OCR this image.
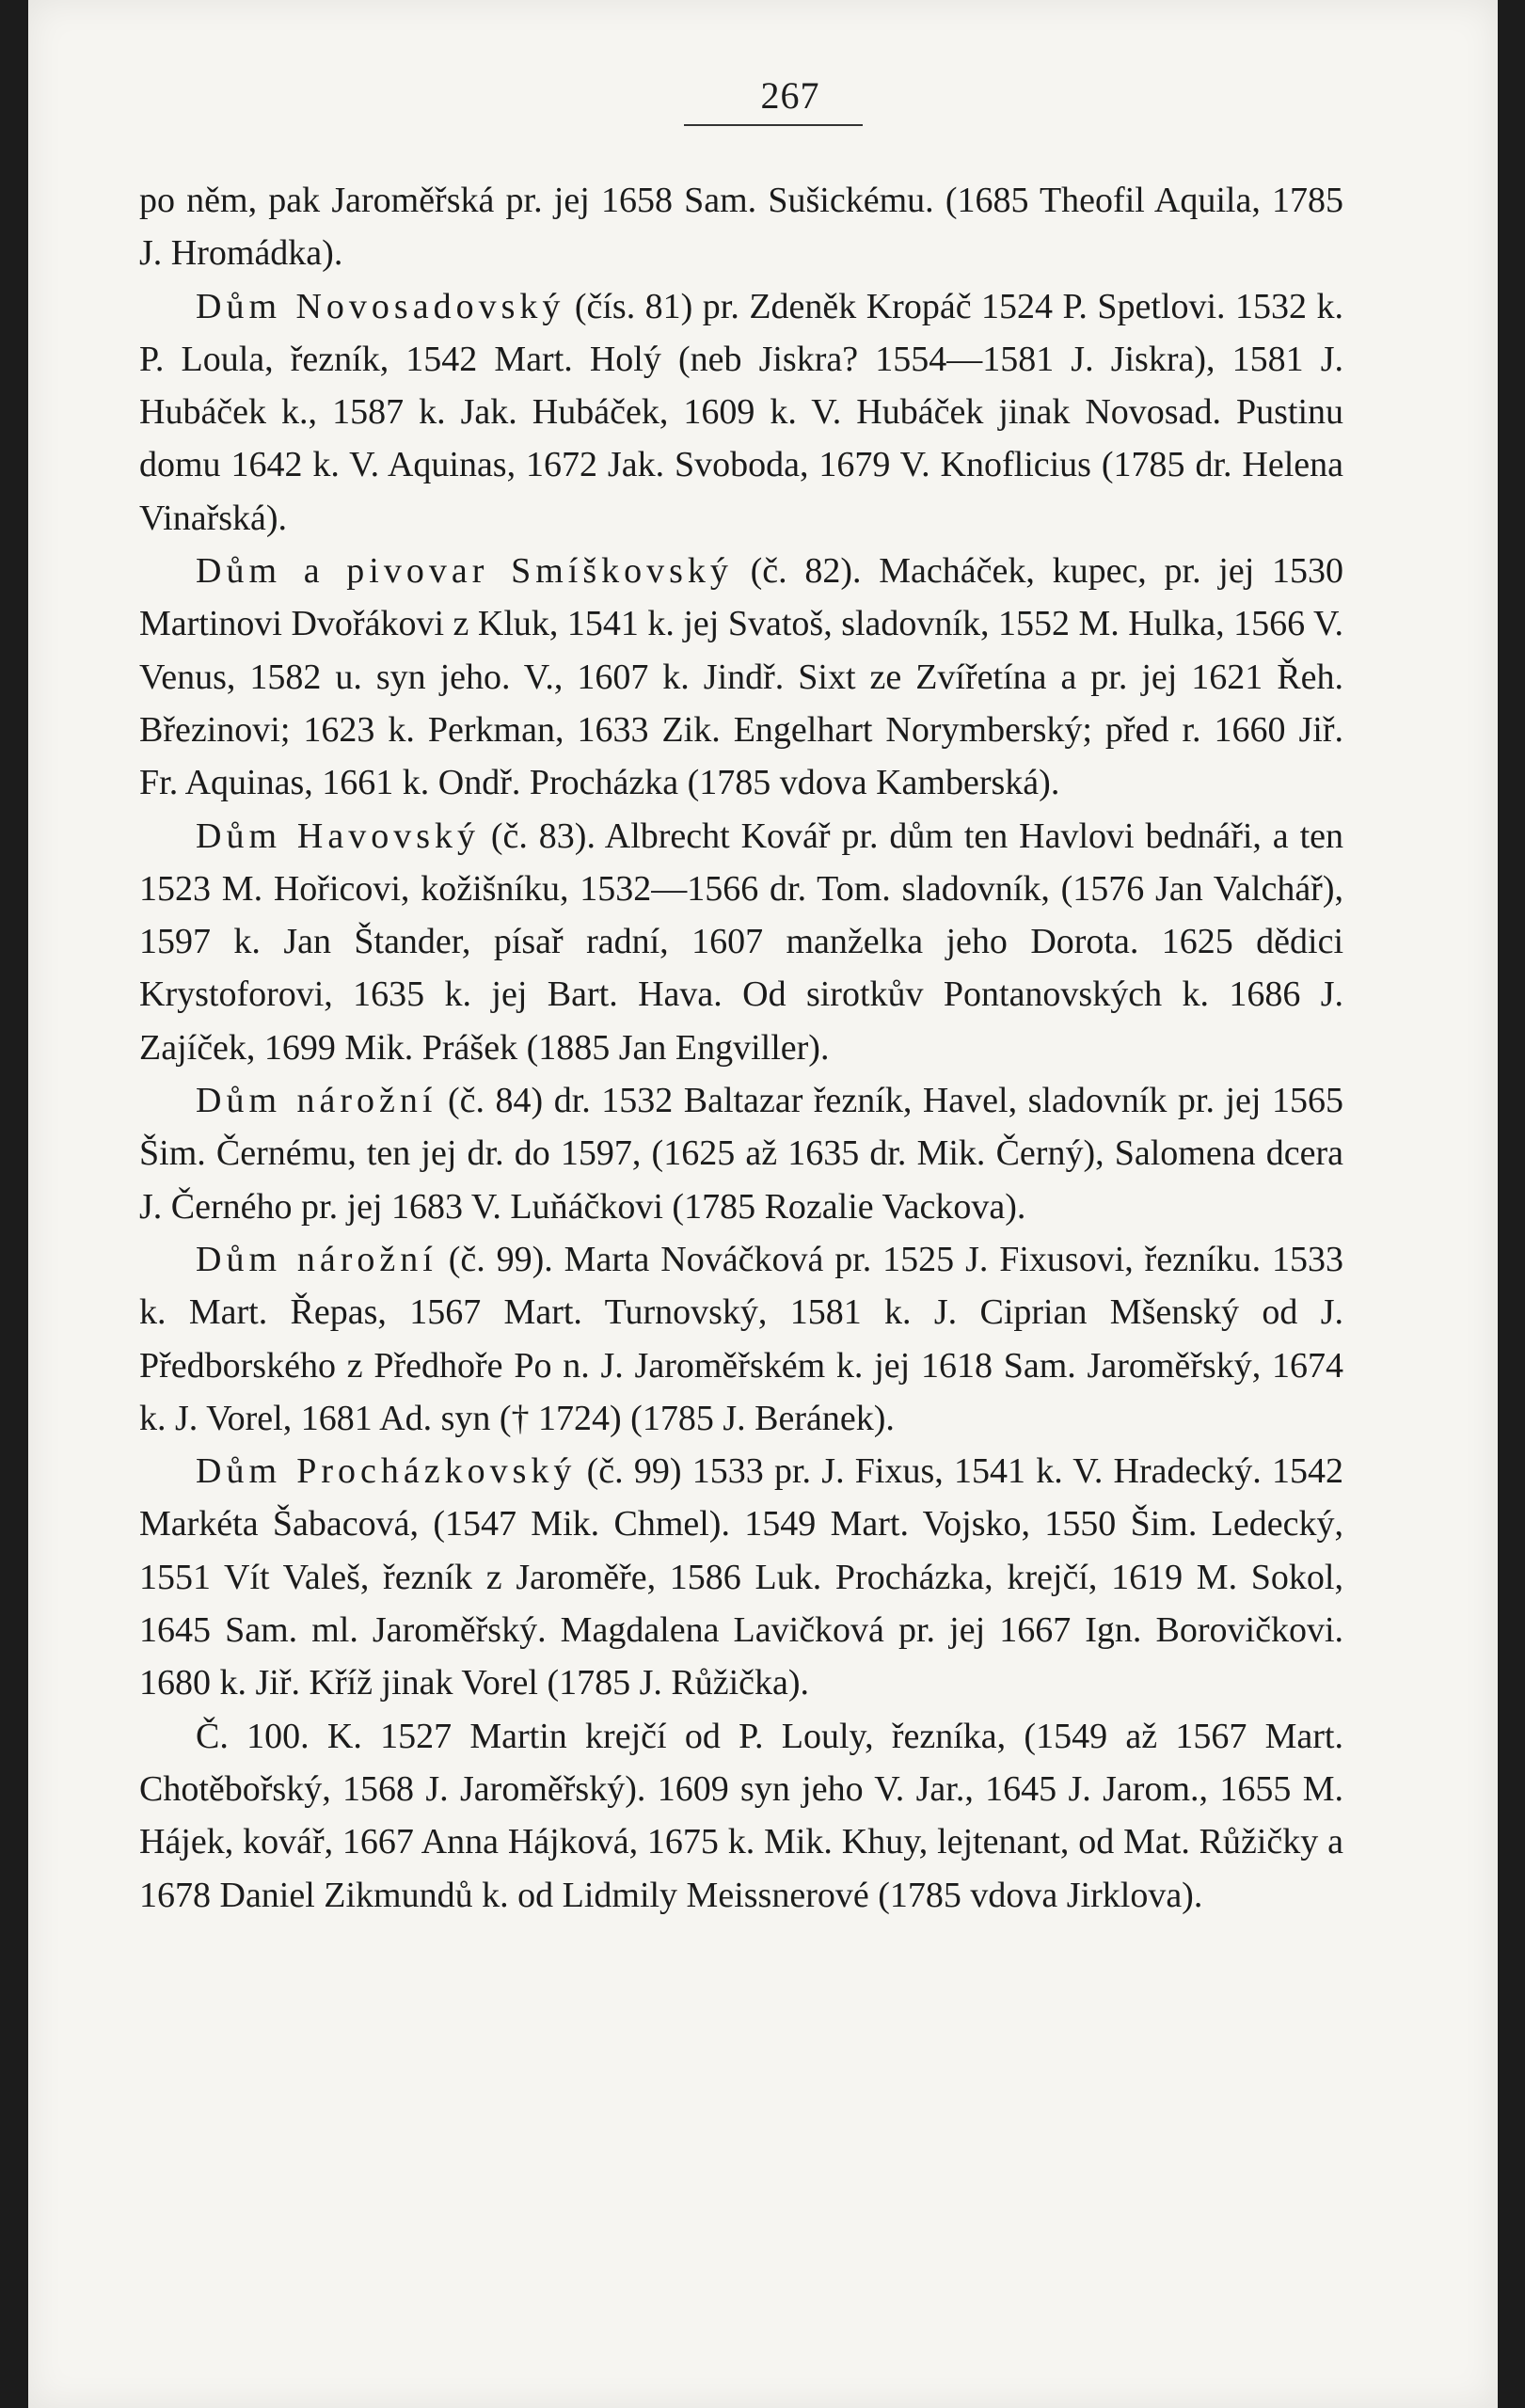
267

po něm, pak Jaroměřská pr. jej 1658 Sam. Sušickému. (1685 Theofil Aquila, 1785 J. Hromádka).

Dům Novosadovský (čís. 81) pr. Zdeněk Kropáč 1524 P. Spetlovi. 1532 k. P. Loula, řezník, 1542 Mart. Holý (neb Jiskra? 1554—1581 J. Jiskra), 1581 J. Hubáček k., 1587 k. Jak. Hubáček, 1609 k. V. Hubáček jinak Novosad. Pustinu domu 1642 k. V. Aquinas, 1672 Jak. Svoboda, 1679 V. Knoflicius (1785 dr. Helena Vinařská).

Dům a pivovar Smíškovský (č. 82). Macháček, kupec, pr. jej 1530 Martinovi Dvořákovi z Kluk, 1541 k. jej Svatoš, sladovník, 1552 M. Hulka, 1566 V. Venus, 1582 u. syn jeho. V., 1607 k. Jindř. Sixt ze Zvířetína a pr. jej 1621 Řeh. Březinovi; 1623 k. Perkman, 1633 Zik. Engelhart Norymberský; před r. 1660 Jiř. Fr. Aquinas, 1661 k. Ondř. Procházka (1785 vdova Kamberská).

Dům Havovský (č. 83). Albrecht Kovář pr. dům ten Havlovi bednáři, a ten 1523 M. Hořicovi, kožišníku, 1532—1566 dr. Tom. sladovník, (1576 Jan Valchář), 1597 k. Jan Štander, písař radní, 1607 manželka jeho Dorota. 1625 dědici Krystoforovi, 1635 k. jej Bart. Hava. Od sirotkův Pontanovských k. 1686 J. Zajíček, 1699 Mik. Prášek (1885 Jan Engviller).

Dům nárožní (č. 84) dr. 1532 Baltazar řezník, Havel, sladovník pr. jej 1565 Šim. Černému, ten jej dr. do 1597, (1625 až 1635 dr. Mik. Černý), Salomena dcera J. Černého pr. jej 1683 V. Luňáčkovi (1785 Rozalie Vackova).

Dům nárožní (č. 99). Marta Nováčková pr. 1525 J. Fixusovi, řezníku. 1533 k. Mart. Řepas, 1567 Mart. Turnovský, 1581 k. J. Ciprian Mšenský od J. Předborského z Předhoře Po n. J. Jaroměřském k. jej 1618 Sam. Jaroměřský, 1674 k. J. Vorel, 1681 Ad. syn († 1724) (1785 J. Beránek).

Dům Procházkovský (č. 99) 1533 pr. J. Fixus, 1541 k. V. Hradecký. 1542 Markéta Šabacová, (1547 Mik. Chmel). 1549 Mart. Vojsko, 1550 Šim. Ledecký, 1551 Vít Valeš, řezník z Jaroměře, 1586 Luk. Procházka, krejčí, 1619 M. Sokol, 1645 Sam. ml. Jaroměřský. Magdalena Lavičková pr. jej 1667 Ign. Borovičkovi. 1680 k. Jiř. Kříž jinak Vorel (1785 J. Růžička).

Č. 100. K. 1527 Martin krejčí od P. Louly, řezníka, (1549 až 1567 Mart. Chotěbořský, 1568 J. Jaroměřský). 1609 syn jeho V. Jar., 1645 J. Jarom., 1655 M. Hájek, kovář, 1667 Anna Hájková, 1675 k. Mik. Khuy, lejtenant, od Mat. Růžičky a 1678 Daniel Zikmundů k. od Lidmily Meissnerové (1785 vdova Jirklova).
